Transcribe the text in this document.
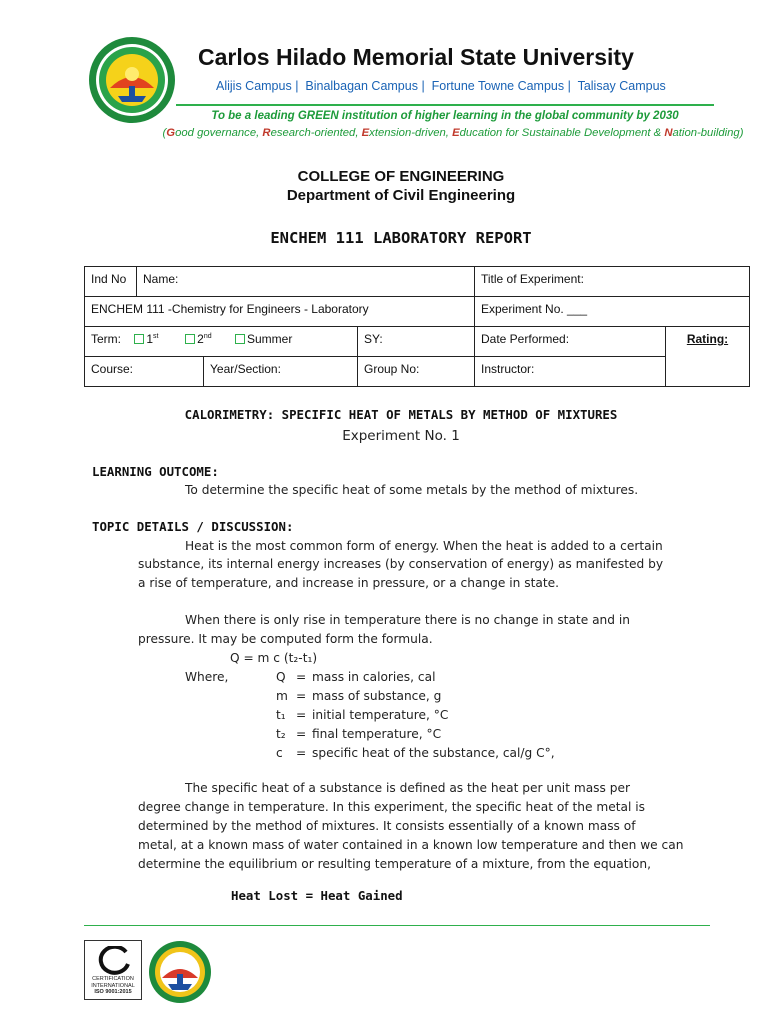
Carlos Hilado Memorial State University
Alijis Campus |  Binalbagan Campus |  Fortune Towne Campus |  Talisay Campus
To be a leading GREEN institution of higher learning in the global community by 2030
(Good governance, Research-oriented, Extension-driven, Education for Sustainable Development & Nation-building)
COLLEGE OF ENGINEERING
Department of Civil Engineering
ENCHEM 111 LABORATORY REPORT
Ind No	Name:			Title of Experiment:	
ENCHEM 111 -Chemistry for Engineers - Laboratory				Experiment No. ___	
Term: 1st 2nd Summer			SY:	Date Performed:	Rating:
Course:		Year/Section:	Group No:	Instructor:	
CALORIMETRY: SPECIFIC HEAT OF METALS BY METHOD OF MIXTURES
Experiment No. 1
LEARNING OUTCOME:
To determine the specific heat of some metals by the method of mixtures.
TOPIC DETAILS / DISCUSSION:
Heat is the most common form of energy. When the heat is added to a certain
substance, its internal energy increases (by conservation of energy) as manifested by
a rise of temperature, and increase in pressure, or a change in state.
When there is only rise in temperature there is no change in state and in
pressure. It may be computed form the formula.
Q = m c (t₂-t₁)
Where,	Q = mass in calories, cal
m = mass of substance, g
t₁ = initial temperature, °C
t₂ = final temperature, °C
c = specific heat of the substance, cal/g C°,
The specific heat of a substance is defined as the heat per unit mass per
degree change in temperature. In this experiment, the specific heat of the metal is
determined by the method of mixtures. It consists essentially of a known mass of
metal, at a known mass of water contained in a known low temperature and then we can
determine the equilibrium or resulting temperature of a mixture, from the equation,
Heat Lost = Heat Gained
CERTIFICATION
INTERNATIONAL
ISO 9001:2015
